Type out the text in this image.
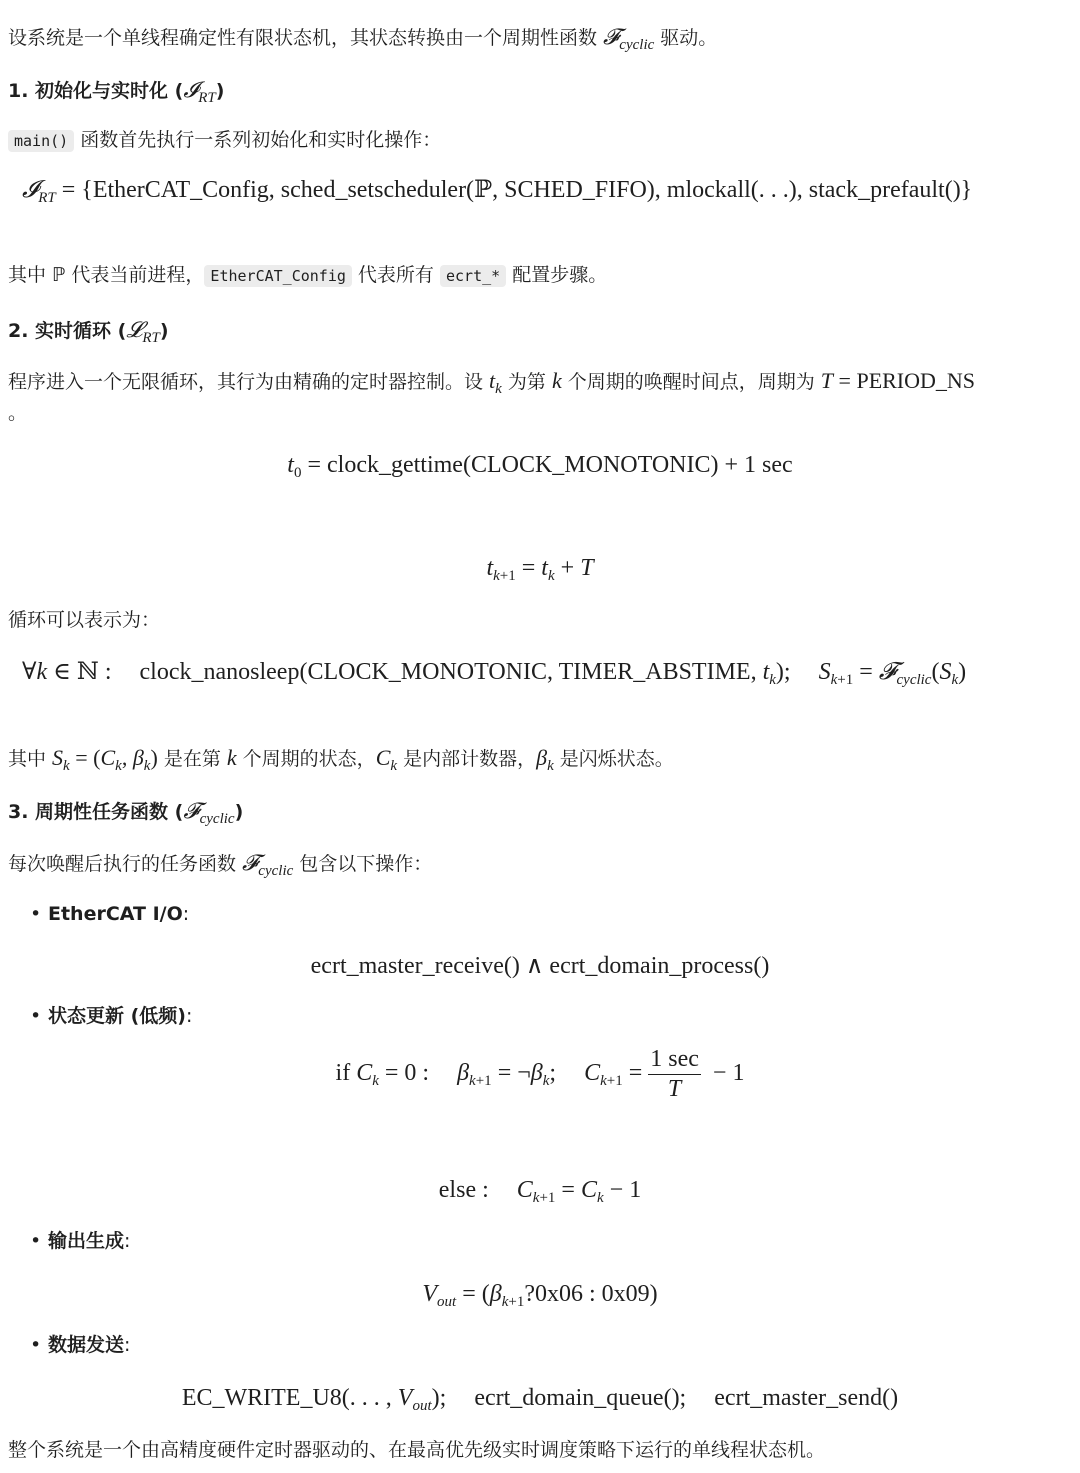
设系统是一个单线程确定性有限状态机，其状态转换由一个周期性函数 𝓕$_{cyclic}$ 驱动。
1. 初始化与实时化 (𝓘$_{RT}$)
main() 函数首先执行一系列初始化和实时化操作：
𝓘$_{RT}$ = {EtherCAT_Config, sched_setscheduler(ℙ, SCHED_FIFO), mlockall(. . .), stack_prefault()}
其中 ℙ 代表当前进程， EtherCAT_Config 代表所有 ecrt_* 配置步骤。
2. 实时循环 (𝓛$_{RT}$)
程序进入一个无限循环，其行为由精确的定时器控制。设 $t_k$ 为第 k 个周期的唤醒时间点，周期为 T = PERIOD_NS
。
$t_0$ = clock_gettime(CLOCK_MONOTONIC) + 1 sec
$t_{k+1} = t_k + T$
循环可以表示为：
∀k ∈ ℕ : clock_nanosleep(CLOCK_MONOTONIC, TIMER_ABSTIME, $t_k$); $S_{k+1}$ = $𝓕_{cyclic}(S_k)$
其中 $S_k = (C_k$, $\beta_k$) 是在第 k 个周期的状态，$C_k$ 是内部计数器，$\beta_k$ 是闪烁状态。
3. 周期性任务函数 (𝓕$_{cyclic}$)
每次唤醒后执行的任务函数 𝓕$_{cyclic}$ 包含以下操作：
• EtherCAT I/O:
ecrt_master_receive() ∧ ecrt_domain_process()
• 状态更新 (低频):
if $C_k = 0$ : $\beta_{k+1}$ = $\neg\beta_k$; $C_{k+1} = \frac{1 \sec}{T} - 1$
else : $C_{k+1} = C_k - 1$
• 输出生成:
$V_{out}$ = ($\beta_{k+1}?0x06$ : 0x09)
• 数据发送:
EC_WRITE_U8(. . . , $V_{out}$); ecrt_domain_queue(); ecrt_master_send()
整个系统是一个由高精度硬件定时器驱动的、在最高优先级实时调度策略下运行的单线程状态机。
